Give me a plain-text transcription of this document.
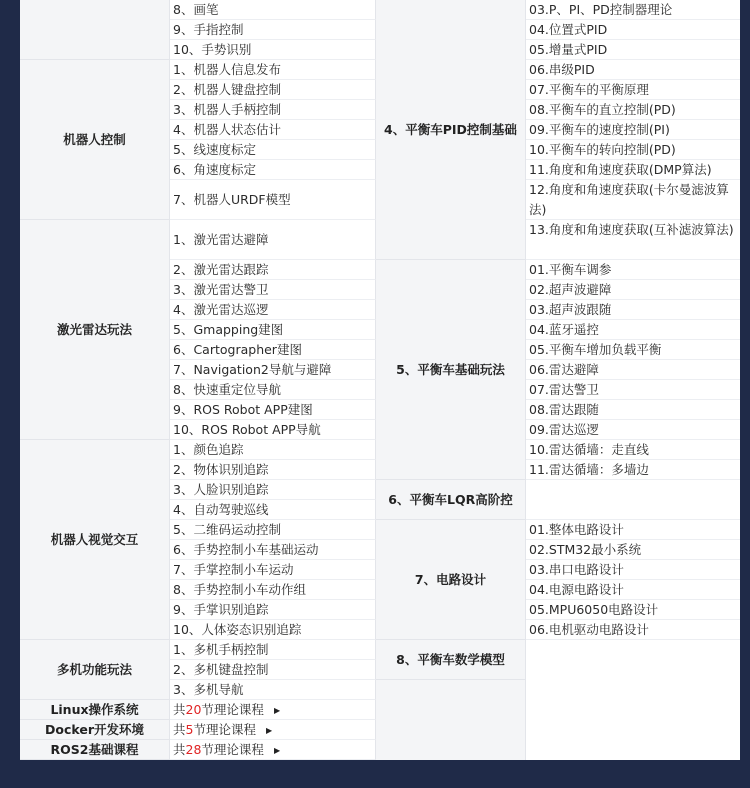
机器人控制
激光雷达玩法
机器人视觉交互
多机功能玩法
Linux操作系统
Docker开发环境
ROS2基础课程
8、画笔
9、手指控制
10、手势识别
1、机器人信息发布
2、机器人键盘控制
3、机器人手柄控制
4、机器人状态估计
5、线速度标定
6、角速度标定
7、机器人URDF模型
1、激光雷达避障
2、激光雷达跟踪
3、激光雷达警卫
4、激光雷达巡逻
5、Gmapping建图
6、Cartographer建图
7、Navigation2导航与避障
8、快速重定位导航
9、ROS Robot APP建图
10、ROS Robot APP导航
1、颜色追踪
2、物体识别追踪
3、人脸识别追踪
4、自动驾驶巡线
5、二维码运动控制
6、手势控制小车基础运动
7、手掌控制小车运动
8、手势控制小车动作组
9、手掌识别追踪
10、人体姿态识别追踪
1、多机手柄控制
2、多机键盘控制
3、多机导航
共20节理论课程 ▶
共5节理论课程 ▶
共28节理论课程 ▶
4、平衡车PID控制基础
5、平衡车基础玩法
6、平衡车LQR高阶控
7、电路设计
8、平衡车数学模型
03.P、PI、PD控制器理论
04.位置式PID
05.增量式PID
06.串级PID
07.平衡车的平衡原理
08.平衡车的直立控制(PD)
09.平衡车的速度控制(PI)
10.平衡车的转向控制(PD)
11.角度和角速度获取(DMP算法)
12.角度和角速度获取(卡尔曼滤波算法)
13.角度和角速度获取(互补滤波算法)
01.平衡车调参
02.超声波避障
03.超声波跟随
04.蓝牙遥控
05.平衡车增加负载平衡
06.雷达避障
07.雷达警卫
08.雷达跟随
09.雷达巡逻
10.雷达循墙：走直线
11.雷达循墙：多墙边
01.整体电路设计
02.STM32最小系统
03.串口电路设计
04.电源电路设计
05.MPU6050电路设计
06.电机驱动电路设计
